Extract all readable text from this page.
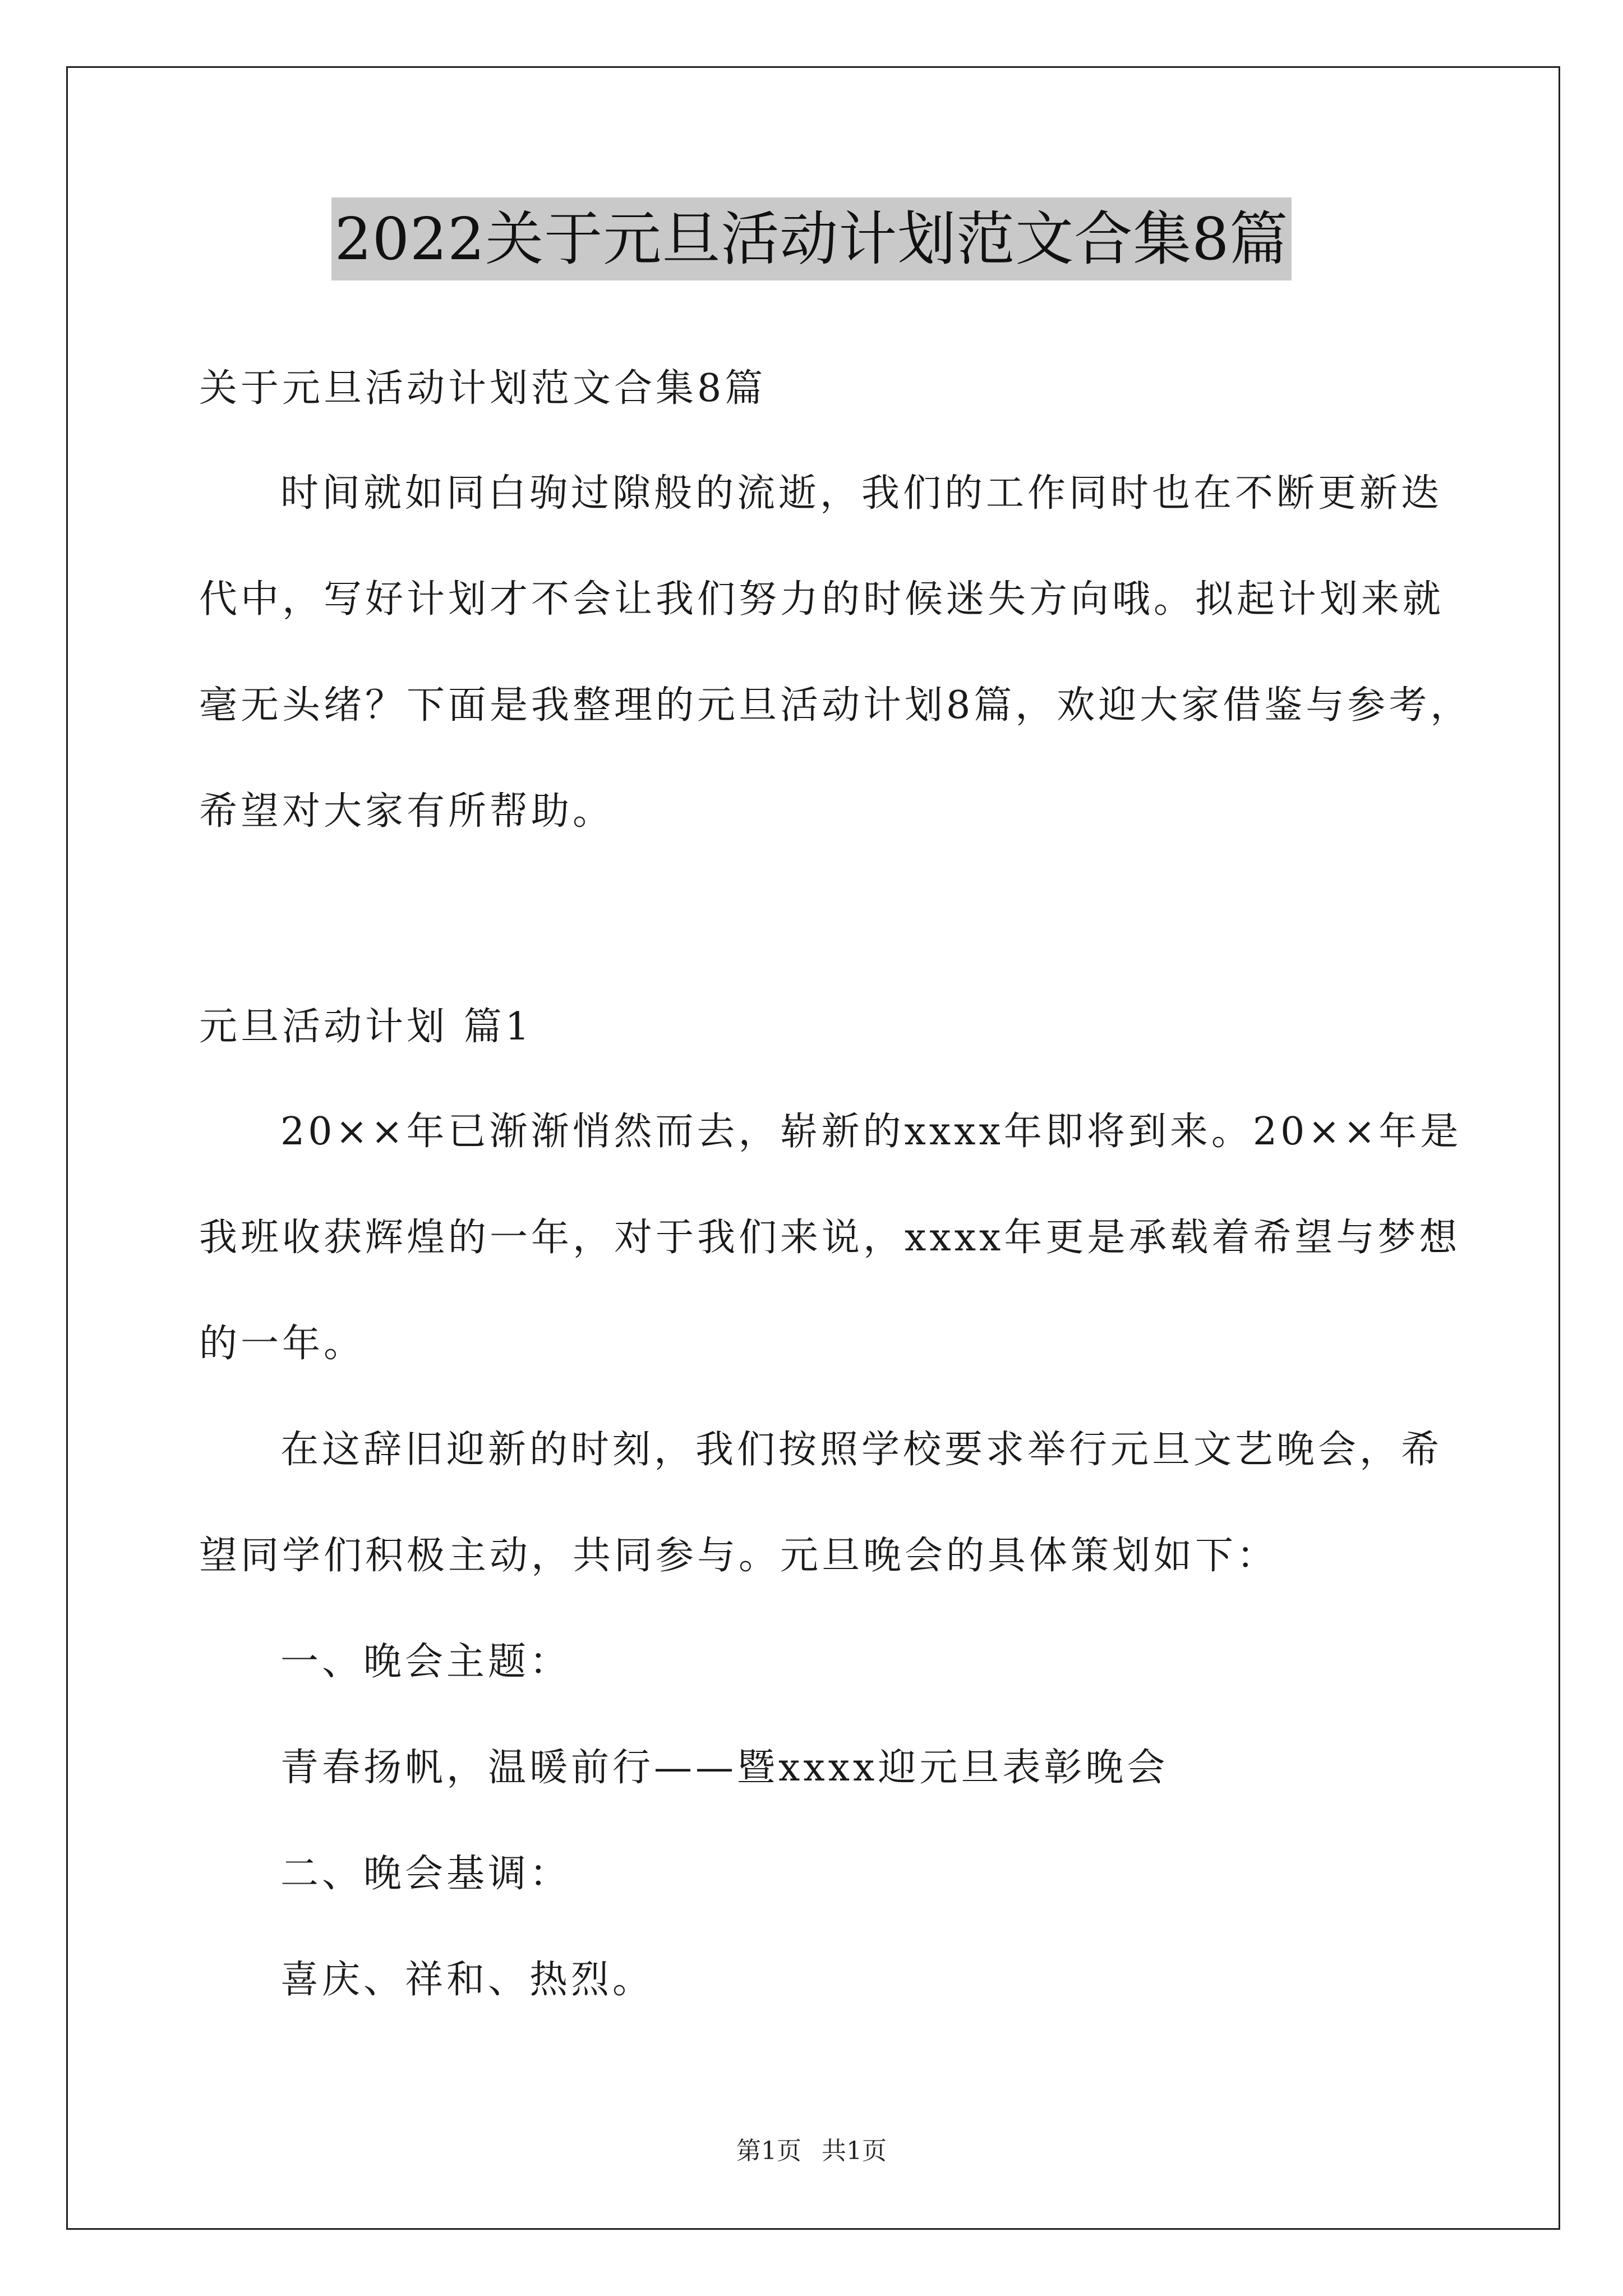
2022关于元旦活动计划范文合集8篇
关于元旦活动计划范文合集8篇
时间就如同白驹过隙般的流逝，我们的工作同时也在不断更新迭
代中，写好计划才不会让我们努力的时候迷失方向哦。拟起计划来就
毫无头绪？下面是我整理的元旦活动计划8篇，欢迎大家借鉴与参考，
希望对大家有所帮助。
元旦活动计划 篇1
20××年已渐渐悄然而去，崭新的xxxx年即将到来。20××年是
我班收获辉煌的一年，对于我们来说，xxxx年更是承载着希望与梦想
的一年。
在这辞旧迎新的时刻，我们按照学校要求举行元旦文艺晚会，希
望同学们积极主动，共同参与。元旦晚会的具体策划如下：
一、晚会主题：
青春扬帆，温暖前行——暨xxxx迎元旦表彰晚会
二、晚会基调：
喜庆、祥和、热烈。
第1页 共1页
